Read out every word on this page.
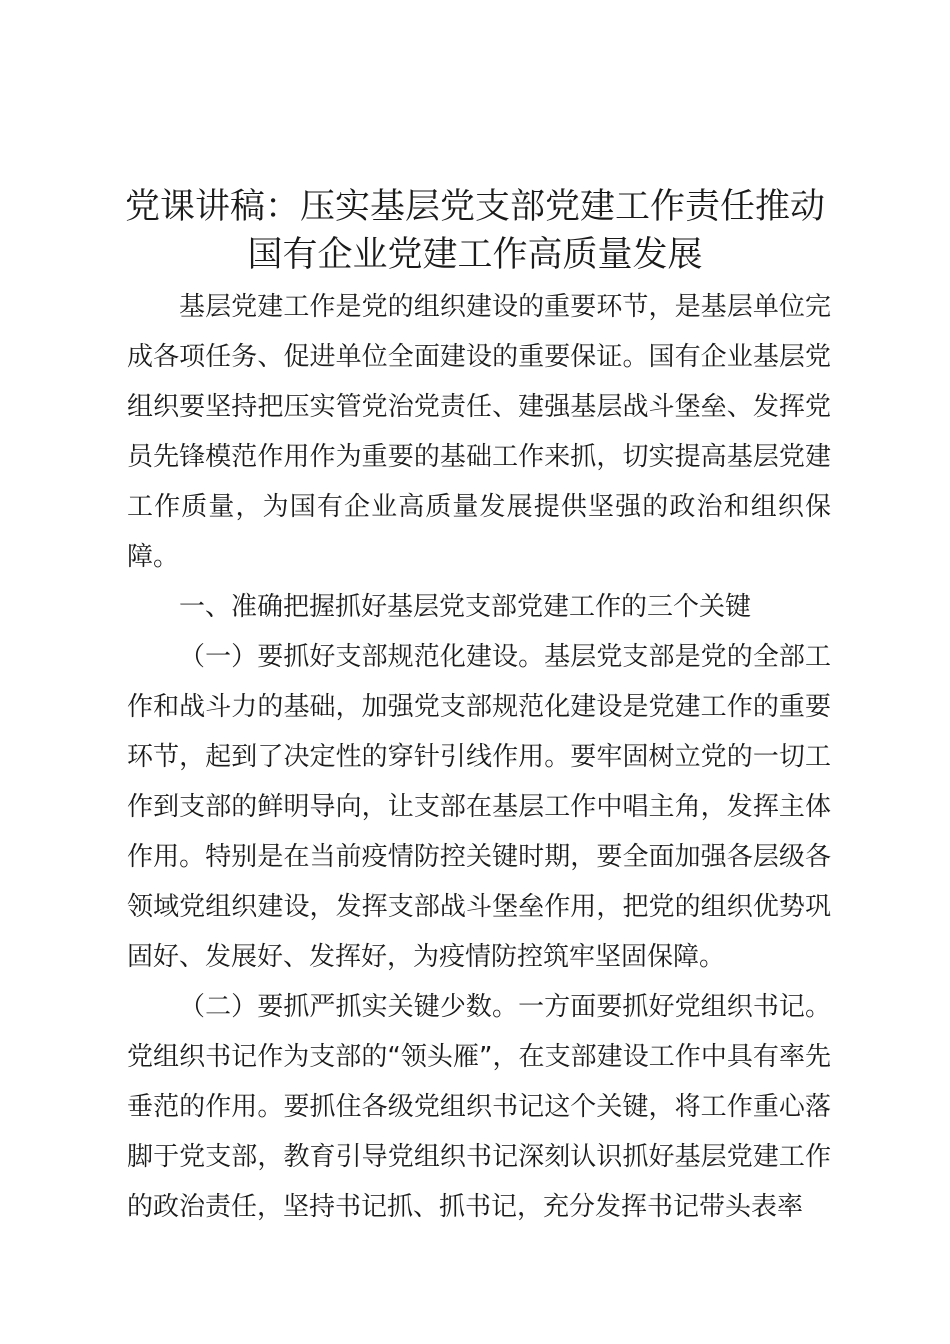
党课讲稿：压实基层党支部党建工作责任推动
国有企业党建工作高质量发展

基层党建工作是党的组织建设的重要环节，是基层单位完成各项任务、促进单位全面建设的重要保证。国有企业基层党组织要坚持把压实管党治党责任、建强基层战斗堡垒、发挥党员先锋模范作用作为重要的基础工作来抓，切实提高基层党建工作质量，为国有企业高质量发展提供坚强的政治和组织保障。

一、准确把握抓好基层党支部党建工作的三个关键

（一）要抓好支部规范化建设。基层党支部是党的全部工作和战斗力的基础，加强党支部规范化建设是党建工作的重要环节，起到了决定性的穿针引线作用。要牢固树立党的一切工作到支部的鲜明导向，让支部在基层工作中唱主角，发挥主体作用。特别是在当前疫情防控关键时期，要全面加强各层级各领域党组织建设，发挥支部战斗堡垒作用，把党的组织优势巩固好、发展好、发挥好，为疫情防控筑牢坚固保障。

（二）要抓严抓实关键少数。一方面要抓好党组织书记。党组织书记作为支部的“领头雁”，在支部建设工作中具有率先垂范的作用。要抓住各级党组织书记这个关键，将工作重心落脚于党支部，教育引导党组织书记深刻认识抓好基层党建工作的政治责任，坚持书记抓、抓书记，充分发挥书记带头表率
